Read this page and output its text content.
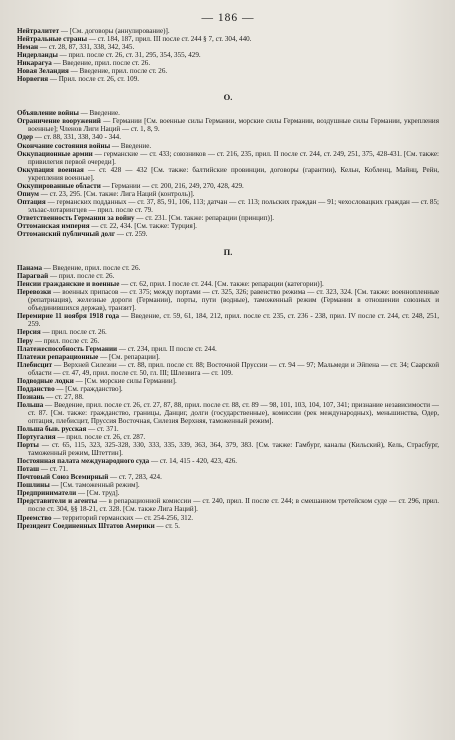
— 186 —
Нейтралитет — [См. договоры (аннулирование)].
Нейтральные страны — ст. 184, 187, прил. III после ст. 244 § 7, ст. 304, 440.
Неман — ст. 28, 87, 331, 338, 342, 345.
Нидерланды — прил. после ст. 26, ст. 31, 295, 354, 355, 429.
Никарагуа — Введение, прил. после ст. 26.
Новая Зеландия — Введение, прил. после ст. 26.
Норвегия — Прил. после ст. 26, ст. 109.
О.
Объявление войны — Введение.
Ограничение вооружений — Германии [См. военные силы Германии, морские силы Германии, воздушные силы Германии, укрепления военные]; Членов Лиги Наций — ст. 1, 8, 9.
Одер — ст. 88, 331, 338, 340 - 344.
Окончание состояния войны — Введение.
Оккупационные армии — германские — ст. 433; союзников — ст. 216, 235, прил. II после ст. 244, ст. 249, 251, 375, 428-431. [См. также: привилегия первой очереди].
Оккупация военная — ст. 428 — 432 [См. также: балтийские провинции, договоры (гарантии), Кельн, Кобленц, Майнц, Рейн, укрепления военные].
Оккупированные области — Германии — ст. 200, 216, 249, 270, 428, 429.
Опиум — ст. 23, 295. [См. также: Лига Наций (контроль)].
Оптация — германских подданных — ст. 37, 85, 91, 106, 113; датчан — ст. 113; польских граждан — 91; чехословацких граждан — ст. 85; эльзас-лотарингцев — прил. после ст. 79.
Ответственность Германии за войну — ст. 231. [См. также: репарации (принцип)].
Оттоманская империя — ст. 22, 434. [См. также: Турция].
Оттоманский публичный долг — ст. 259.
П.
Панама — Введение, прил. после ст. 26.
Парагвай — прил. после ст. 26.
Пенсии гражданские и военные — ст. 62, прил. I после ст. 244. [См. также: репарации (категории)].
Перевозки — военных припасов — ст. 375; между портами — ст. 325, 326; равенство режима — ст. 323, 324. [См. также: военнопленные (репатриация), железные дороги (Германии), порты, пути (водные), таможенный режим (Германии в отношении союзных и объединившихся держав), транзит].
Перемирие 11 ноября 1918 года — Введение, ст. 59, 61, 184, 212, прил. после ст. 235, ст. 236 - 238, прил. IV после ст. 244, ст. 248, 251, 259.
Персия — прил. после ст. 26.
Перу — прил. после ст. 26.
Платежеспособность Германии — ст. 234, прил. II после ст. 244.
Платежи репарационные — [См. репарации].
Плебисцит — Верхней Силезии — ст. 88, прил. после ст. 88; Восточной Пруссии — ст. 94 — 97; Мальмеди и Эйпена — ст. 34; Саарской области — ст. 47, 49, прил. после ст. 50, гл. III; Шлезвига — ст. 109.
Подводные лодки — [См. морские силы Германии].
Подданство — [См. гражданство].
Познань — ст. 27, 88.
Польша — Введение, прил. после ст. 26, ст. 27, 87, 88, прил. после ст. 88, ст. 89 — 98, 101, 103, 104, 107, 341; признание независимости — ст. 87. [См. также: гражданство, границы, Данциг, долги (государственные), комиссии (рек международных), меньшинства, Одер, оптация, плебисцит, Пруссия Восточная, Силезия Верхняя, таможенный режим].
Польша быв. русская — ст. 371.
Португалия — прил. после ст. 26, ст. 287.
Порты — ст. 65, 115, 323, 325-328, 330, 333, 335, 339, 363, 364, 379, 383. [См. также: Гамбург, каналы (Кильский), Кель, Страсбург, таможенный режим, Штеттин].
Постоянная палата международного суда — ст. 14, 415 - 420, 423, 426.
Поташ — ст. 71.
Почтовый Союз Всемирный — ст. 7, 283, 424.
Пошлины — [См. таможенный режим].
Предприниматели — [См. труд].
Представители и агенты — в репарационной комиссии — ст. 240, прил. II после ст. 244; в смешанном третейском суде — ст. 296, прил. после ст. 304, §§ 18-21, ст. 328. [См. также Лига Наций].
Преемство — территорий германских — ст. 254-256, 312.
Президент Соединенных Штатов Америки — ст. 5.
